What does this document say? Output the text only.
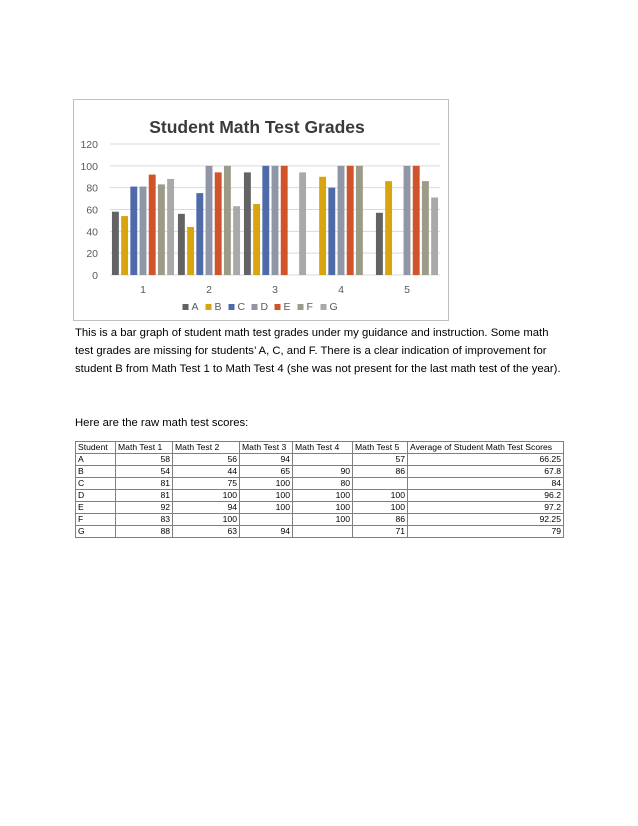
Student Math Test Grades
0
20
40
60
80
100
120
1	2	3	4	5
A B C D E F G

This is a bar graph of student math test grades under my guidance and instruction. Some math test grades are missing for students’ A, C, and F. There is a clear indication of improvement for student B from Math Test 1 to Math Test 4 (she was not present for the last math test of the year).

Here are the raw math test scores:

Student	Math Test 1	Math Test 2	Math Test 3	Math Test 4	Math Test 5	Average of Student Math Test Scores
A	58	56	94		57	66.25
B	54	44	65	90	86	67.8
C	81	75	100	80		84
D	81	100	100	100	100	96.2
E	92	94	100	100	100	97.2
F	83	100		100	86	92.25
G	88	63	94		71	79
